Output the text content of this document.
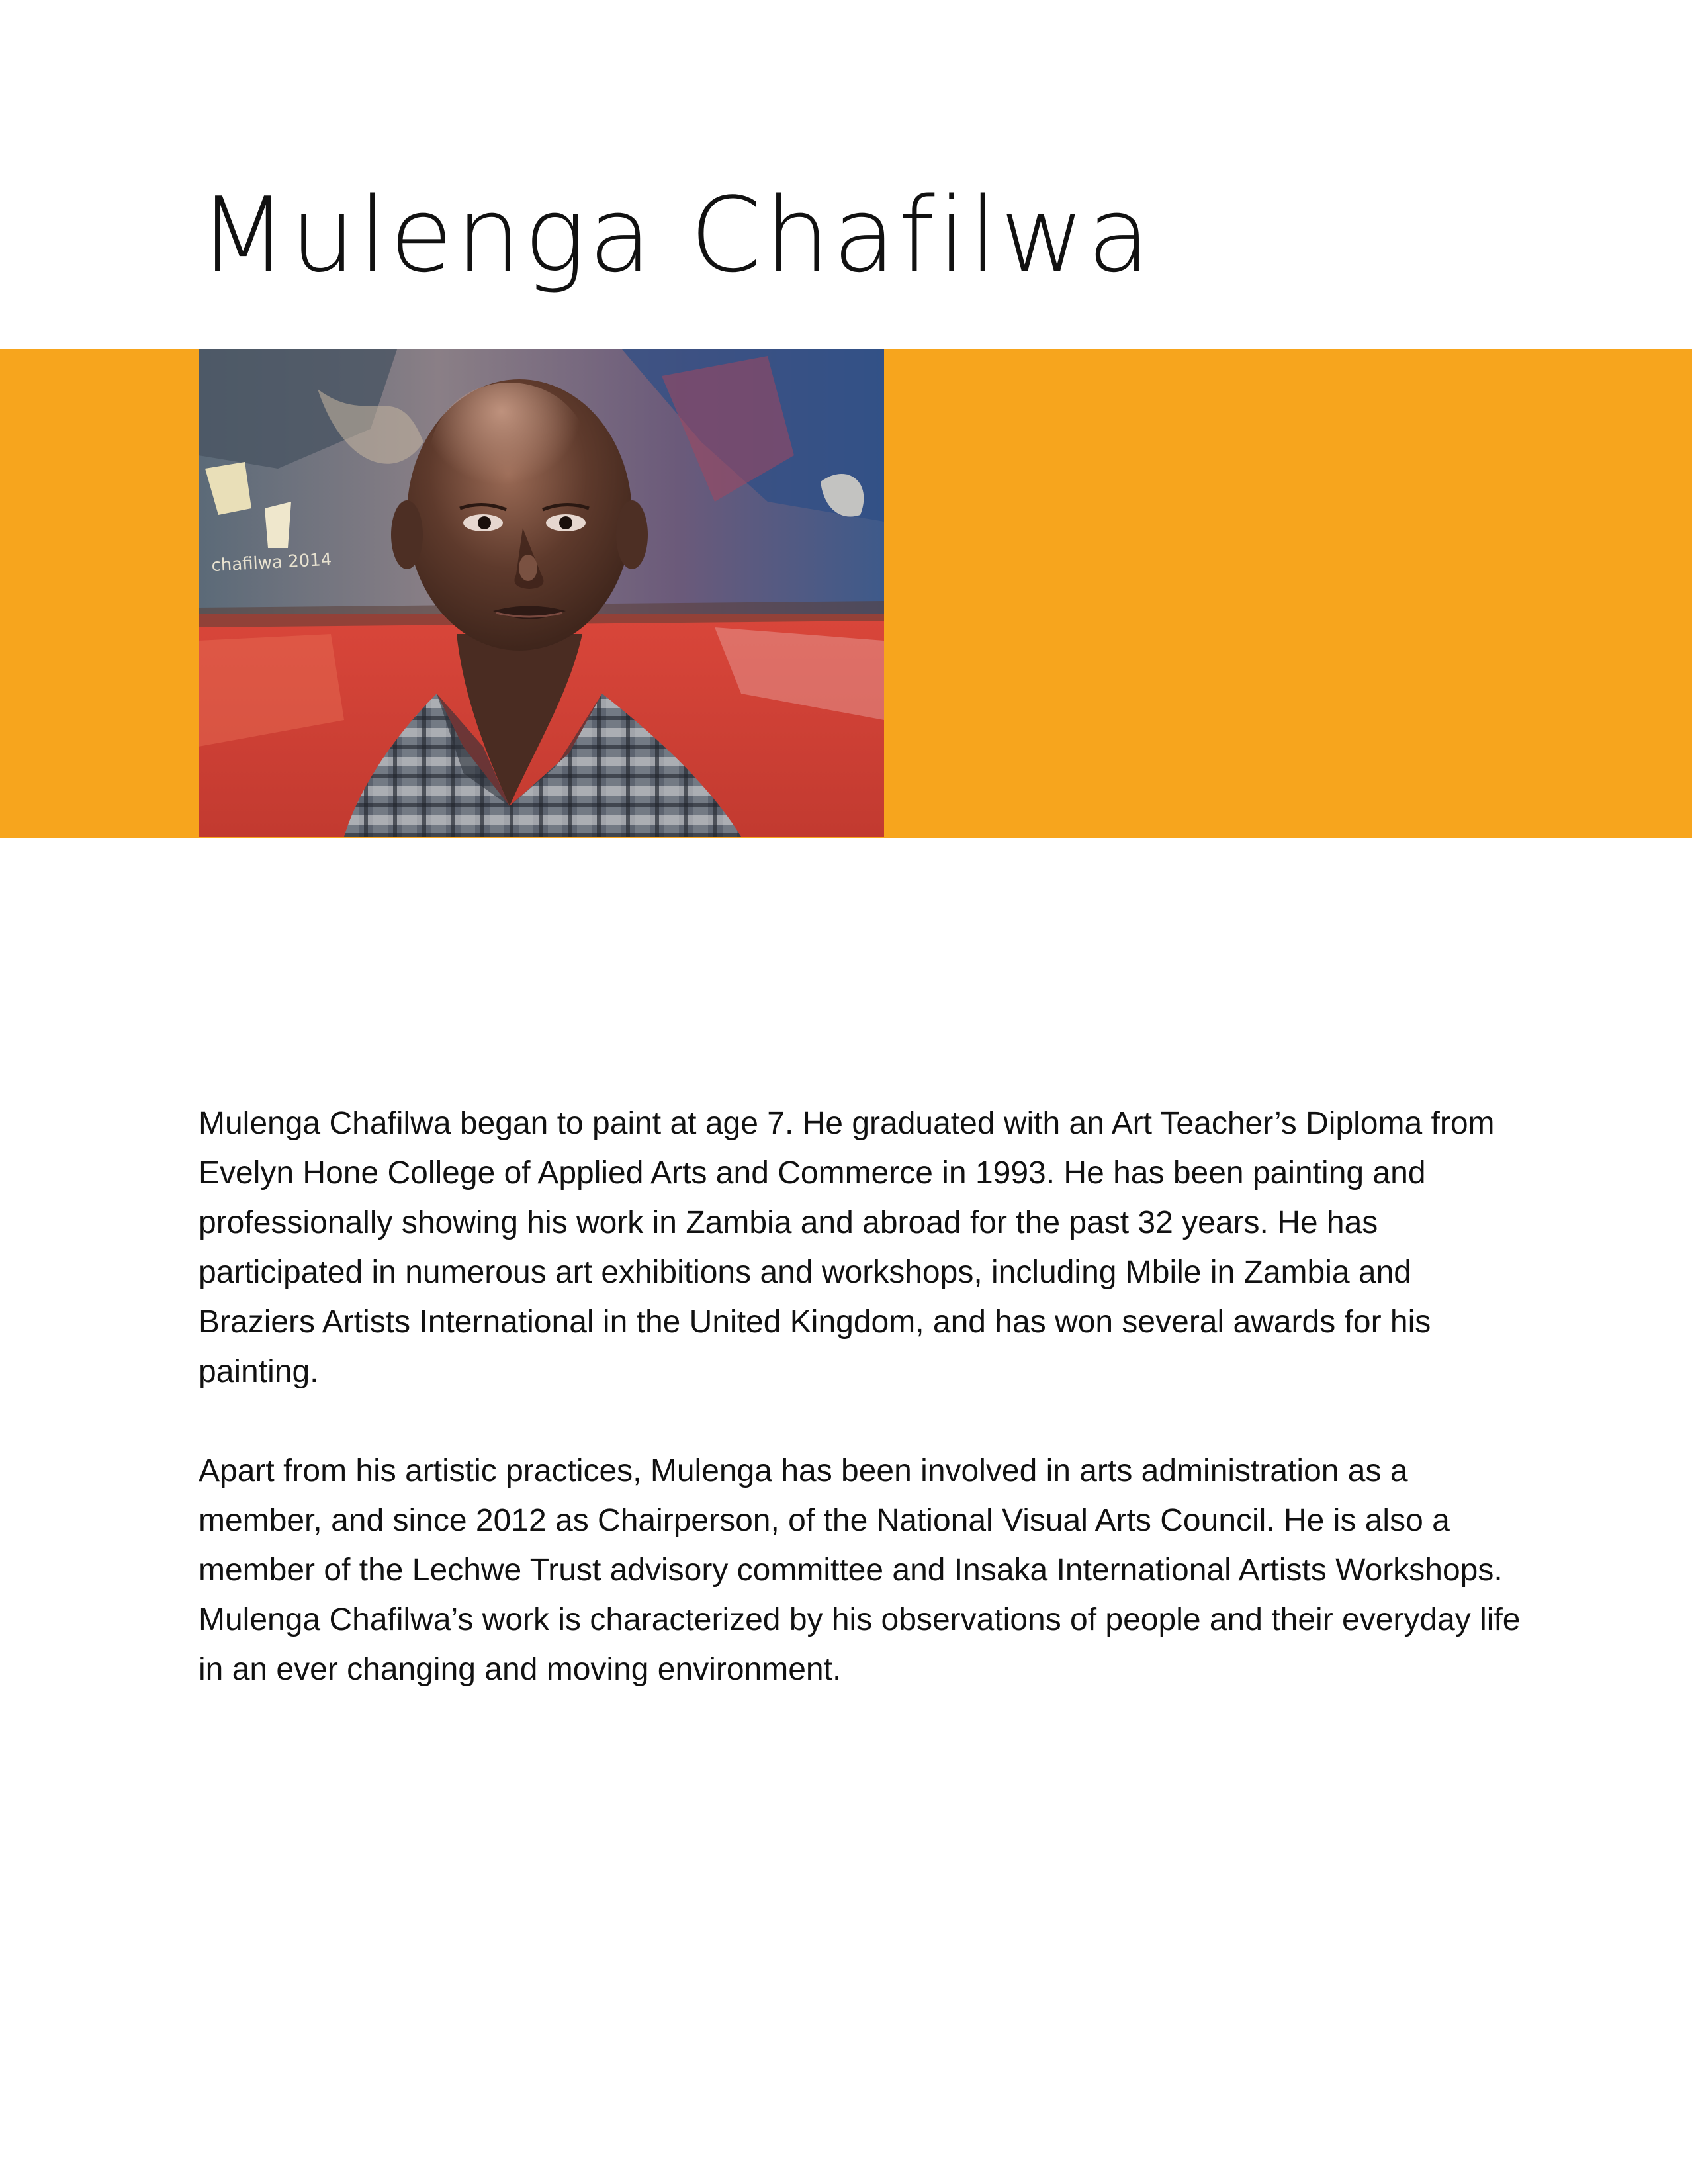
Mulenga Chafilwa
chafilwa 2014

Mulenga Chafilwa began to paint at age 7. He graduated with an Art Teacher’s Diploma from
Evelyn Hone College of Applied Arts and Commerce in 1993. He has been painting and
professionally showing his work in Zambia and abroad for the past 32 years. He has
participated in numerous art exhibitions and workshops, including Mbile in Zambia and
Braziers Artists International in the United Kingdom, and has won several awards for his
painting.

Apart from his artistic practices, Mulenga has been involved in arts administration as a
member, and since 2012 as Chairperson, of the National Visual Arts Council. He is also a
member of the Lechwe Trust advisory committee and Insaka International Artists Workshops.
Mulenga Chafilwa’s work is characterized by his observations of people and their everyday life
in an ever changing and moving environment.
